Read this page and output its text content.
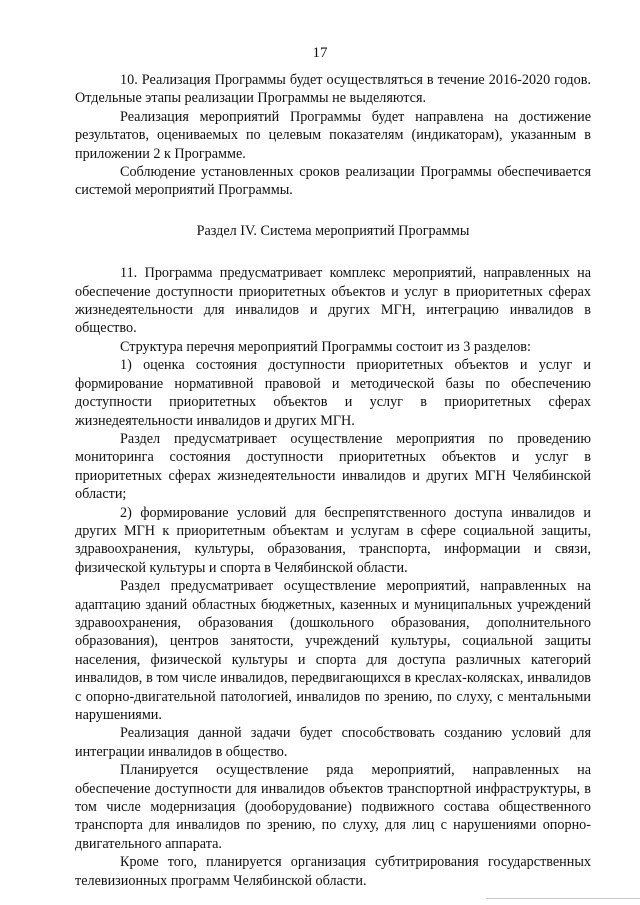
17

10. Реализация Программы будет осуществляться в течение 2016-2020 годов. Отдельные этапы реализации Программы не выделяются.

Реализация мероприятий Программы будет направлена на достижение результатов, оцениваемых по целевым показателям (индикаторам), указанным в приложении 2 к Программе.

Соблюдение установленных сроков реализации Программы обеспечивается системой мероприятий Программы.

Раздел IV. Система мероприятий Программы

11. Программа предусматривает комплекс мероприятий, направленных на обеспечение доступности приоритетных объектов и услуг в приоритетных сферах жизнедеятельности для инвалидов и других МГН, интеграцию инвалидов в общество.

Структура перечня мероприятий Программы состоит из 3 разделов:

1) оценка состояния доступности приоритетных объектов и услуг и формирование нормативной правовой и методической базы по обеспечению доступности приоритетных объектов и услуг в приоритетных сферах жизнедеятельности инвалидов и других МГН.

Раздел предусматривает осуществление мероприятия по проведению мониторинга состояния доступности приоритетных объектов и услуг в приоритетных сферах жизнедеятельности инвалидов и других МГН Челябинской области;

2) формирование условий для беспрепятственного доступа инвалидов и других МГН к приоритетным объектам и услугам в сфере социальной защиты, здравоохранения, культуры, образования, транспорта, информации и связи, физической культуры и спорта в Челябинской области.

Раздел предусматривает осуществление мероприятий, направленных на адаптацию зданий областных бюджетных, казенных и муниципальных учреждений здравоохранения, образования (дошкольного образования, дополнительного образования), центров занятости, учреждений культуры, социальной защиты населения, физической культуры и спорта для доступа различных категорий инвалидов, в том числе инвалидов, передвигающихся в креслах-колясках, инвалидов с опорно-двигательной патологией, инвалидов по зрению, по слуху, с ментальными нарушениями.

Реализация данной задачи будет способствовать созданию условий для интеграции инвалидов в общество.

Планируется осуществление ряда мероприятий, направленных на обеспечение доступности для инвалидов объектов транспортной инфраструктуры, в том числе модернизация (дооборудование) подвижного состава общественного транспорта для инвалидов по зрению, по слуху, для лиц с нарушениями опорно-двигательного аппарата.

Кроме того, планируется организация субтитрирования государственных телевизионных программ Челябинской области.
